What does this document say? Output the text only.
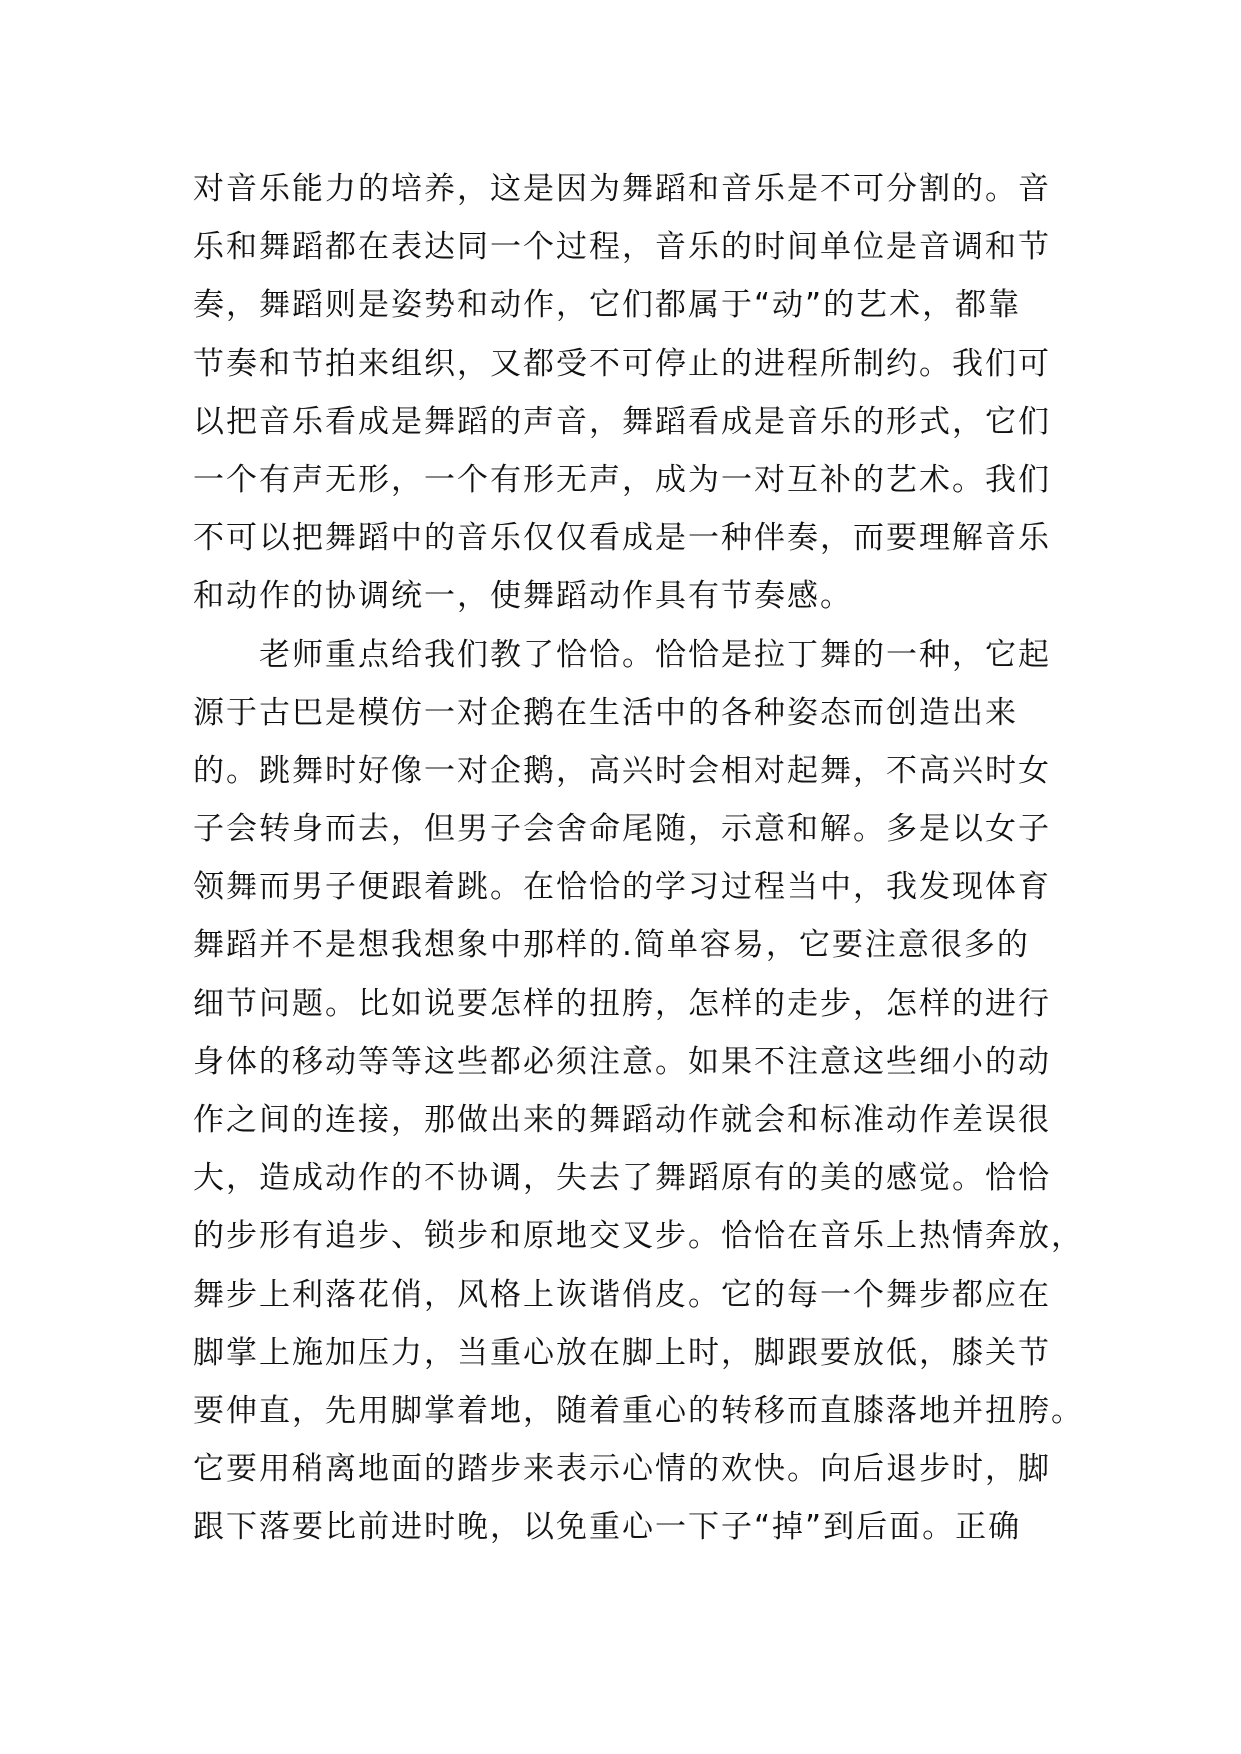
对音乐能力的培养，这是因为舞蹈和音乐是不可分割的。音
乐和舞蹈都在表达同一个过程，音乐的时间单位是音调和节
奏，舞蹈则是姿势和动作，它们都属于“动”的艺术，都靠
节奏和节拍来组织，又都受不可停止的进程所制约。我们可
以把音乐看成是舞蹈的声音，舞蹈看成是音乐的形式，它们
一个有声无形，一个有形无声，成为一对互补的艺术。我们
不可以把舞蹈中的音乐仅仅看成是一种伴奏，而要理解音乐
和动作的协调统一，使舞蹈动作具有节奏感。
老师重点给我们教了恰恰。恰恰是拉丁舞的一种，它起
源于古巴是模仿一对企鹅在生活中的各种姿态而创造出来
的。跳舞时好像一对企鹅，高兴时会相对起舞，不高兴时女
子会转身而去，但男子会舍命尾随，示意和解。多是以女子
领舞而男子便跟着跳。在恰恰的学习过程当中，我发现体育
舞蹈并不是想我想象中那样的.简单容易，它要注意很多的
细节问题。比如说要怎样的扭胯，怎样的走步，怎样的进行
身体的移动等等这些都必须注意。如果不注意这些细小的动
作之间的连接，那做出来的舞蹈动作就会和标准动作差误很
大，造成动作的不协调，失去了舞蹈原有的美的感觉。恰恰
的步形有追步、锁步和原地交叉步。恰恰在音乐上热情奔放，
舞步上利落花俏，风格上诙谐俏皮。它的每一个舞步都应在
脚掌上施加压力，当重心放在脚上时，脚跟要放低，膝关节
要伸直，先用脚掌着地，随着重心的转移而直膝落地并扭胯。
它要用稍离地面的踏步来表示心情的欢快。向后退步时，脚
跟下落要比前进时晚，以免重心一下子“掉”到后面。正确
